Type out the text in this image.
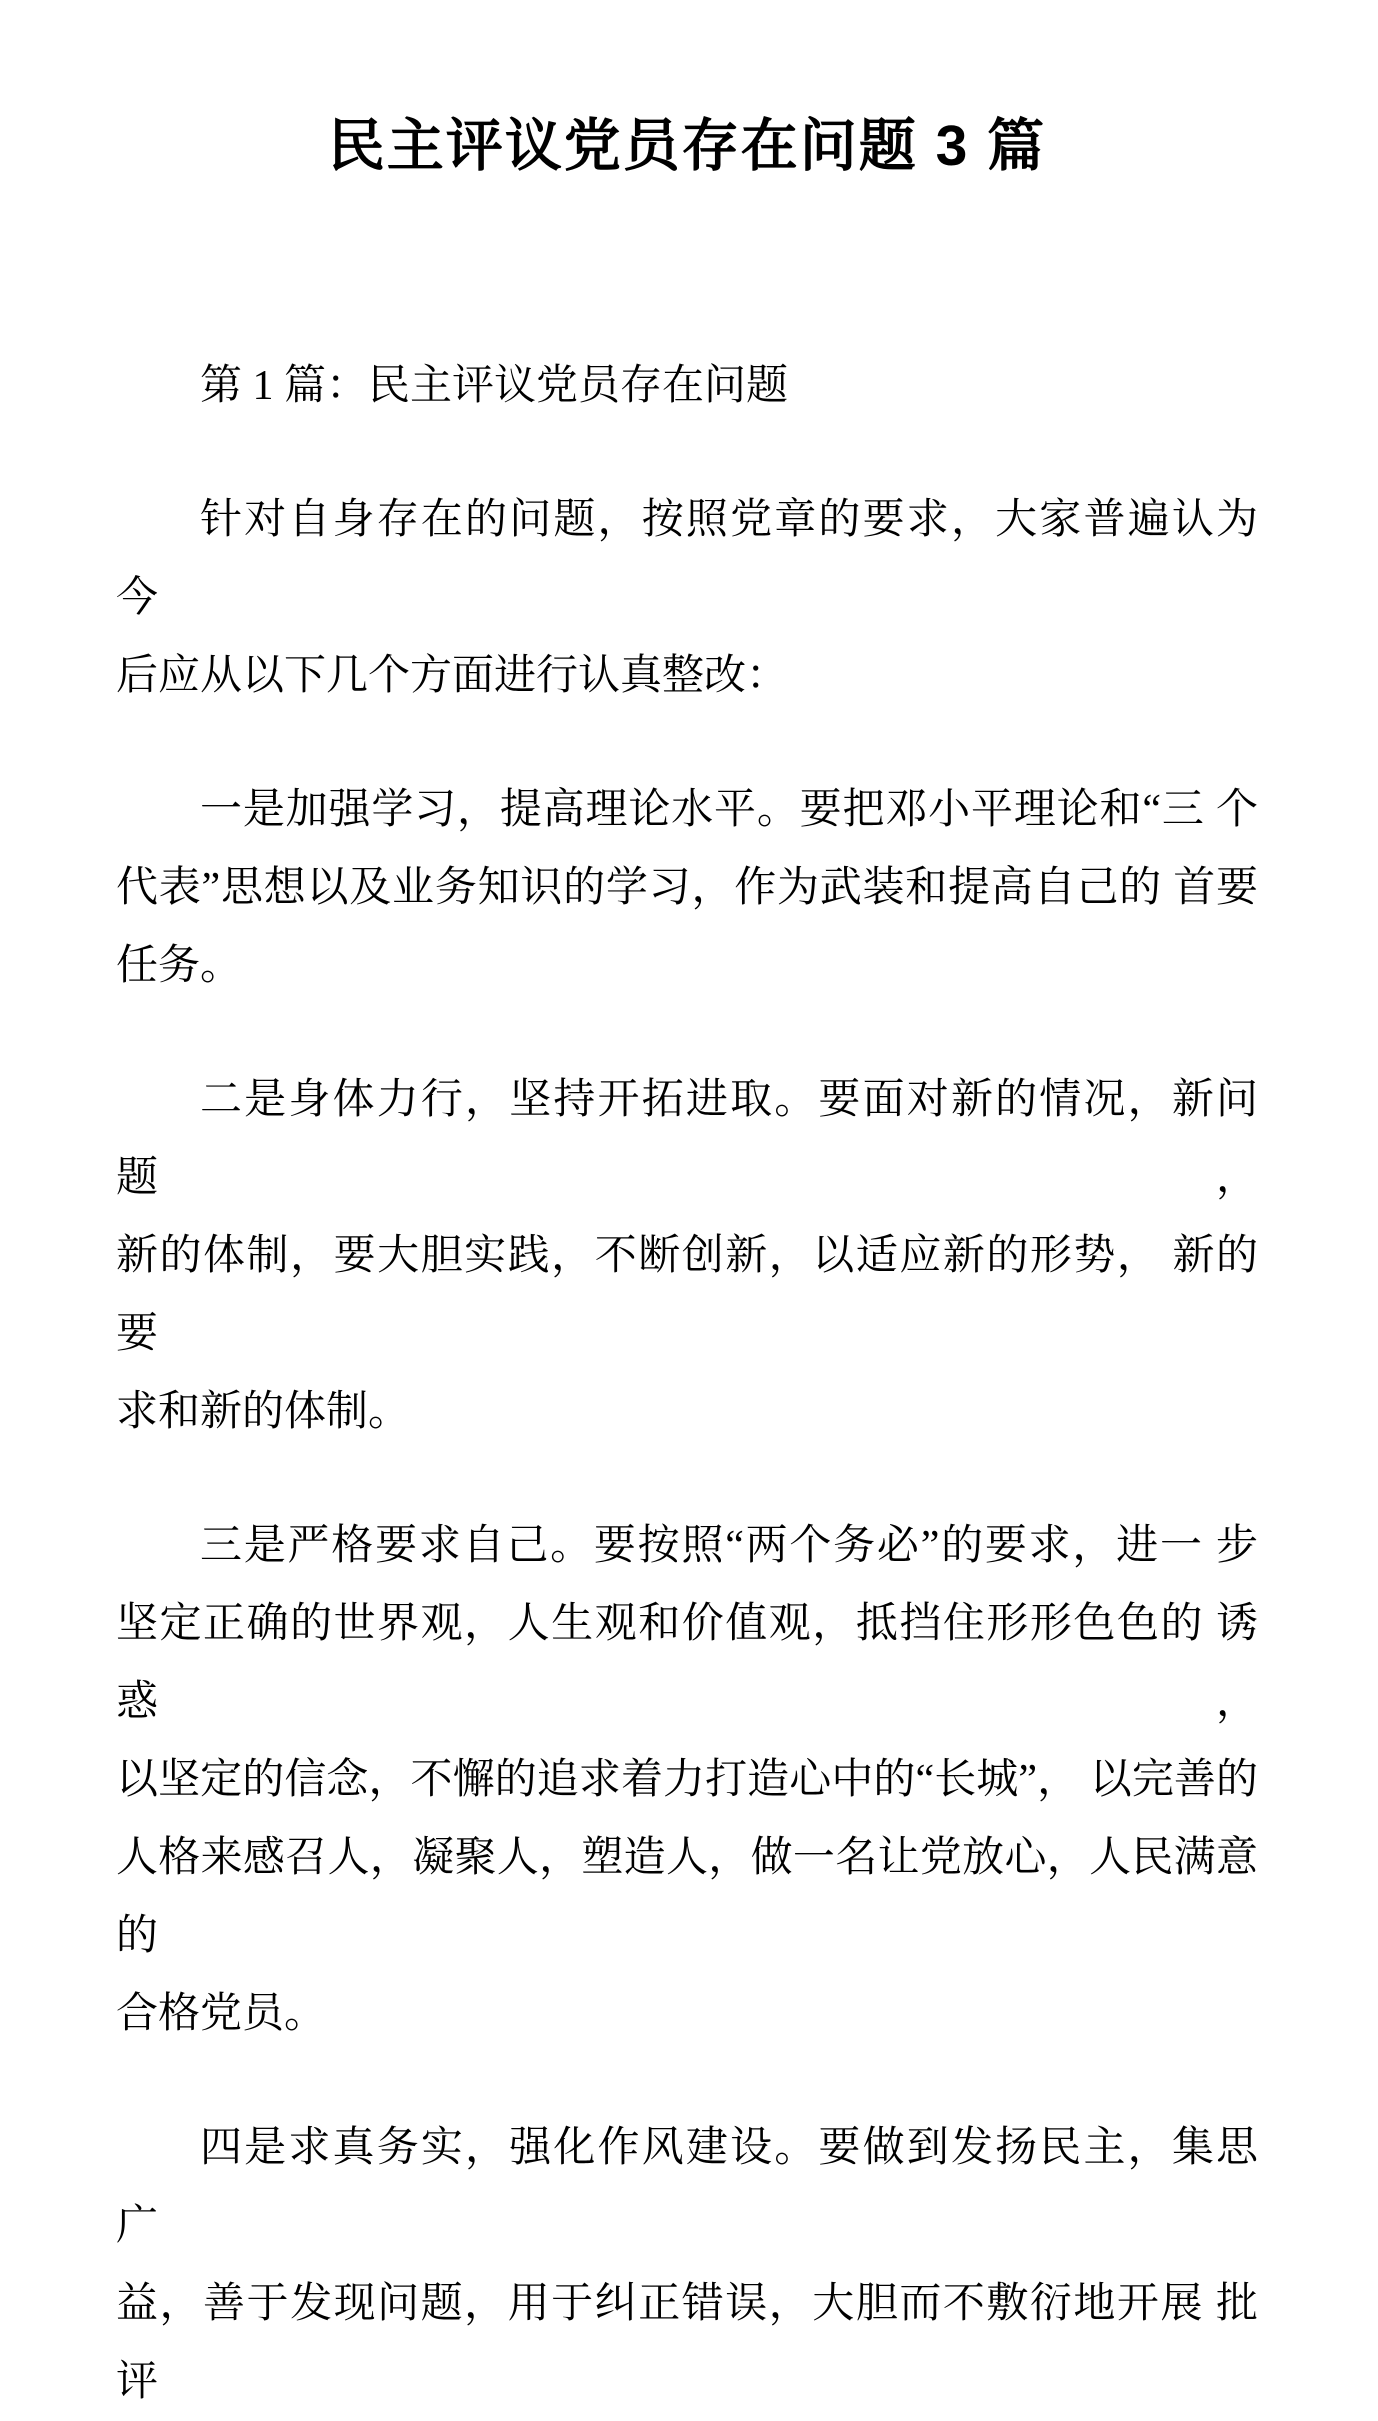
民主评议党员存在问题 3 篇

第 1 篇：民主评议党员存在问题

针对自身存在的问题，按照党章的要求，大家普遍认为 今
后应从以下几个方面进行认真整改：

一是加强学习，提高理论水平。要把邓小平理论和“三 个
代表”思想以及业务知识的学习，作为武装和提高自己的 首要
任务。

二是身体力行，坚持开拓进取。要面对新的情况，新问 题，
新的体制，要大胆实践，不断创新，以适应新的形势， 新的要
求和新的体制。

三是严格要求自己。要按照“两个务必”的要求，进一 步
坚定正确的世界观，人生观和价值观，抵挡住形形色色的 诱惑，
以坚定的信念，不懈的追求着力打造心中的“长城”， 以完善的
人格来感召人，凝聚人，塑造人，做一名让党放心，人民满意的
合格党员。

四是求真务实，强化作风建设。要做到发扬民主，集思 广
益，善于发现问题，用于纠正错误，大胆而不敷衍地开展 批评
